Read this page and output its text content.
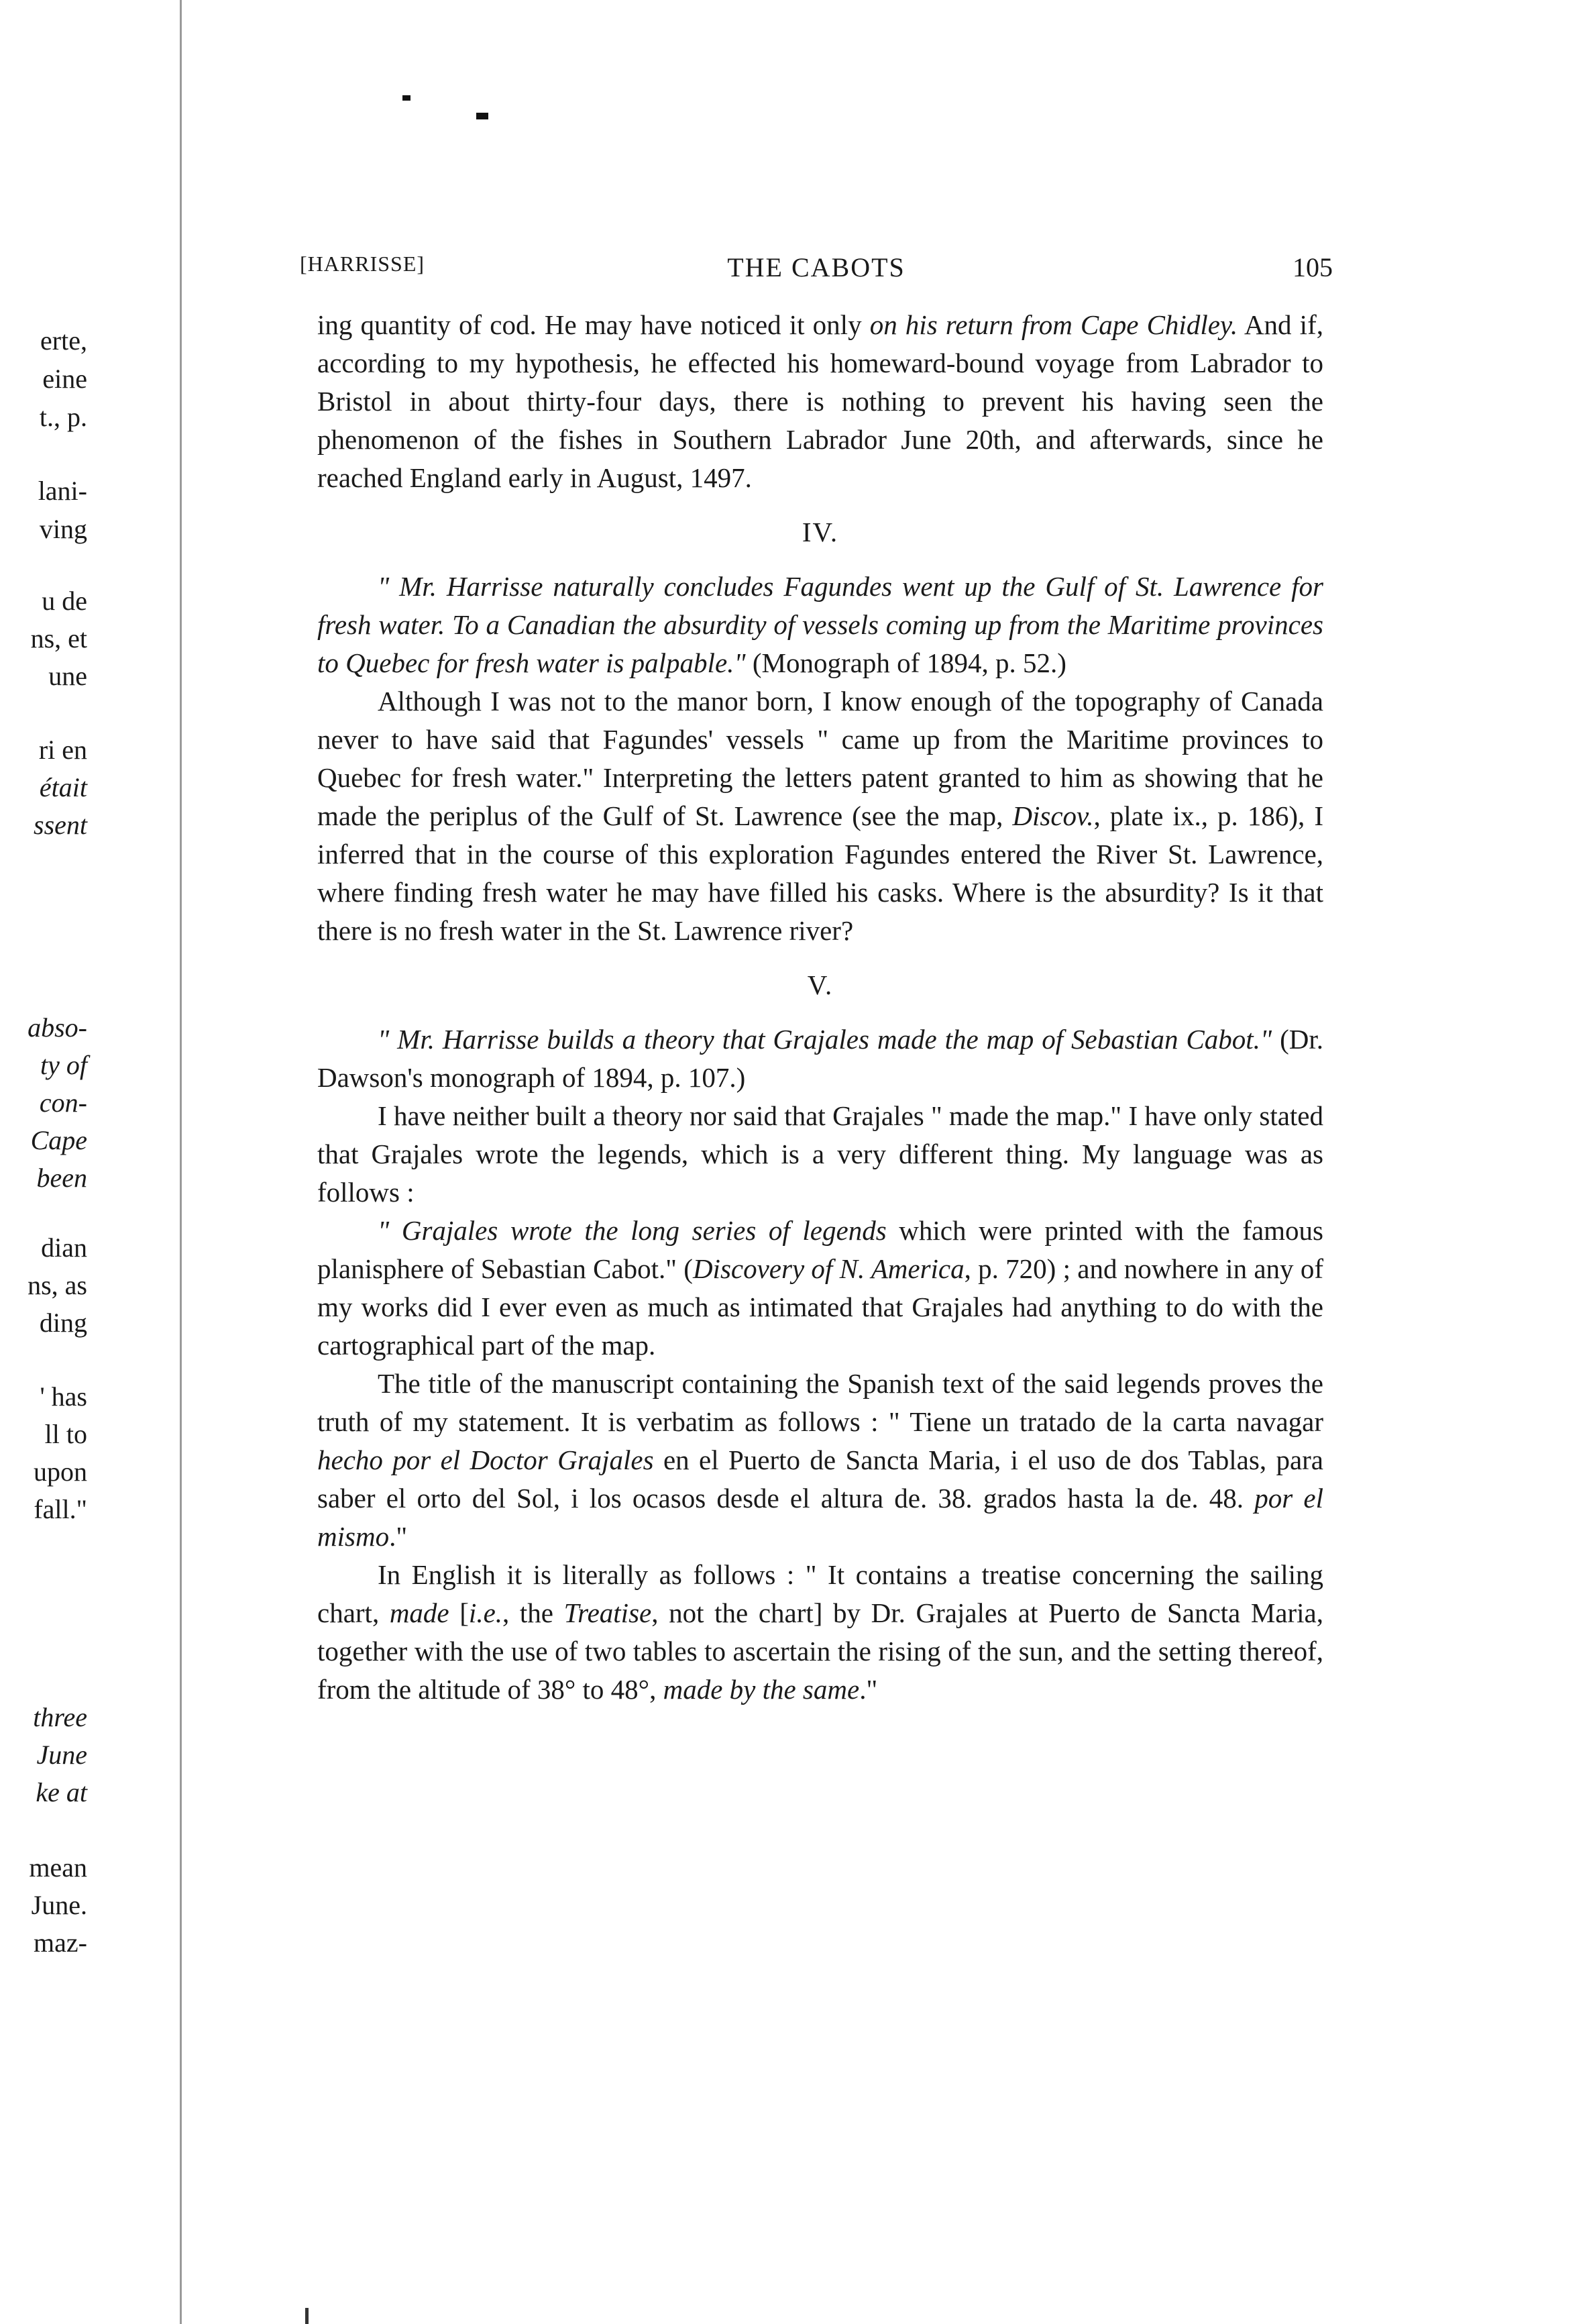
erte,
eine
t., p.
lani-
ving
u de
ns, et
une
ri en
était
ssent
abso-
ty of
con-
Cape
been
dian
ns, as
ding
' has
ll to
upon
fall."
three
June
ke at
mean
June.
maz-
[HARRISSE]	THE CABOTS	105

ing quantity of cod. He may have noticed it only on his return from Cape Chidley. And if, according to my hypothesis, he effected his homeward-bound voyage from Labrador to Bristol in about thirty-four days, there is nothing to prevent his having seen the phenomenon of the fishes in Southern Labrador June 20th, and afterwards, since he reached England early in August, 1497.

IV.

" Mr. Harrisse naturally concludes Fagundes went up the Gulf of St. Lawrence for fresh water. To a Canadian the absurdity of vessels coming up from the Maritime provinces to Quebec for fresh water is palpable." (Monograph of 1894, p. 52.)

Although I was not to the manor born, I know enough of the topography of Canada never to have said that Fagundes' vessels " came up from the Maritime provinces to Quebec for fresh water." Interpreting the letters patent granted to him as showing that he made the periplus of the Gulf of St. Lawrence (see the map, Discov., plate ix., p. 186), I inferred that in the course of this exploration Fagundes entered the River St. Lawrence, where finding fresh water he may have filled his casks. Where is the absurdity? Is it that there is no fresh water in the St. Lawrence river?

V.

" Mr. Harrisse builds a theory that Grajales made the map of Sebastian Cabot." (Dr. Dawson's monograph of 1894, p. 107.)

I have neither built a theory nor said that Grajales " made the map." I have only stated that Grajales wrote the legends, which is a very different thing. My language was as follows :

" Grajales wrote the long series of legends which were printed with the famous planisphere of Sebastian Cabot." (Discovery of N. America, p. 720) ; and nowhere in any of my works did I ever even as much as intimated that Grajales had anything to do with the cartographical part of the map.

The title of the manuscript containing the Spanish text of the said legends proves the truth of my statement. It is verbatim as follows : " Tiene un tratado de la carta navagar hecho por el Doctor Grajales en el Puerto de Sancta Maria, i el uso de dos Tablas, para saber el orto del Sol, i los ocasos desde el altura de. 38. grados hasta la de. 48. por el mismo."

In English it is literally as follows : " It contains a treatise concerning the sailing chart, made [i.e., the Treatise, not the chart] by Dr. Grajales at Puerto de Sancta Maria, together with the use of two tables to ascertain the rising of the sun, and the setting thereof, from the altitude of 38° to 48°, made by the same."
